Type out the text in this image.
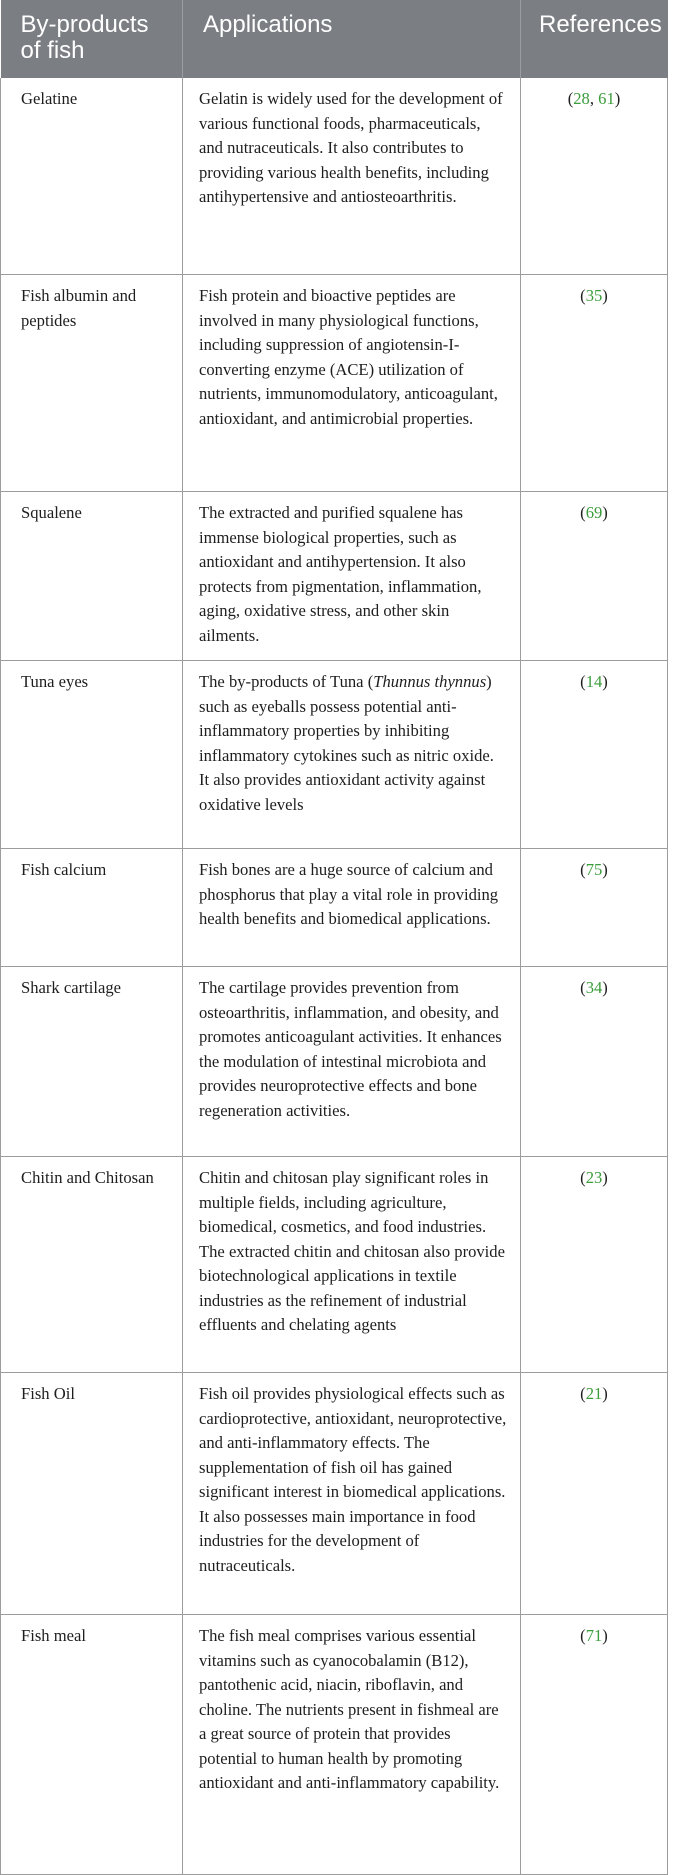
By-products of fish	Applications	References
Gelatine	Gelatin is widely used for the development of various functional foods, pharmaceuticals, and nutraceuticals. It also contributes to providing various health benefits, including antihypertensive and antiosteoarthritis.	(28, 61)
Fish albumin and peptides	Fish protein and bioactive peptides are involved in many physiological functions, including suppression of angiotensin-I-converting enzyme (ACE) utilization of nutrients, immunomodulatory, anticoagulant, antioxidant, and antimicrobial properties.	(35)
Squalene	The extracted and purified squalene has immense biological properties, such as antioxidant and antihypertension. It also protects from pigmentation, inflammation, aging, oxidative stress, and other skin ailments.	(69)
Tuna eyes	The by-products of Tuna (Thunnus thynnus) such as eyeballs possess potential anti-inflammatory properties by inhibiting inflammatory cytokines such as nitric oxide. It also provides antioxidant activity against oxidative levels	(14)
Fish calcium	Fish bones are a huge source of calcium and phosphorus that play a vital role in providing health benefits and biomedical applications.	(75)
Shark cartilage	The cartilage provides prevention from osteoarthritis, inflammation, and obesity, and promotes anticoagulant activities. It enhances the modulation of intestinal microbiota and provides neuroprotective effects and bone regeneration activities.	(34)
Chitin and Chitosan	Chitin and chitosan play significant roles in multiple fields, including agriculture, biomedical, cosmetics, and food industries. The extracted chitin and chitosan also provide biotechnological applications in textile industries as the refinement of industrial effluents and chelating agents	(23)
Fish Oil	Fish oil provides physiological effects such as cardioprotective, antioxidant, neuroprotective, and anti-inflammatory effects. The supplementation of fish oil has gained significant interest in biomedical applications. It also possesses main importance in food industries for the development of nutraceuticals.	(21)
Fish meal	The fish meal comprises various essential vitamins such as cyanocobalamin (B12), pantothenic acid, niacin, riboflavin, and choline. The nutrients present in fishmeal are a great source of protein that provides potential to human health by promoting antioxidant and anti-inflammatory capability.	(71)
